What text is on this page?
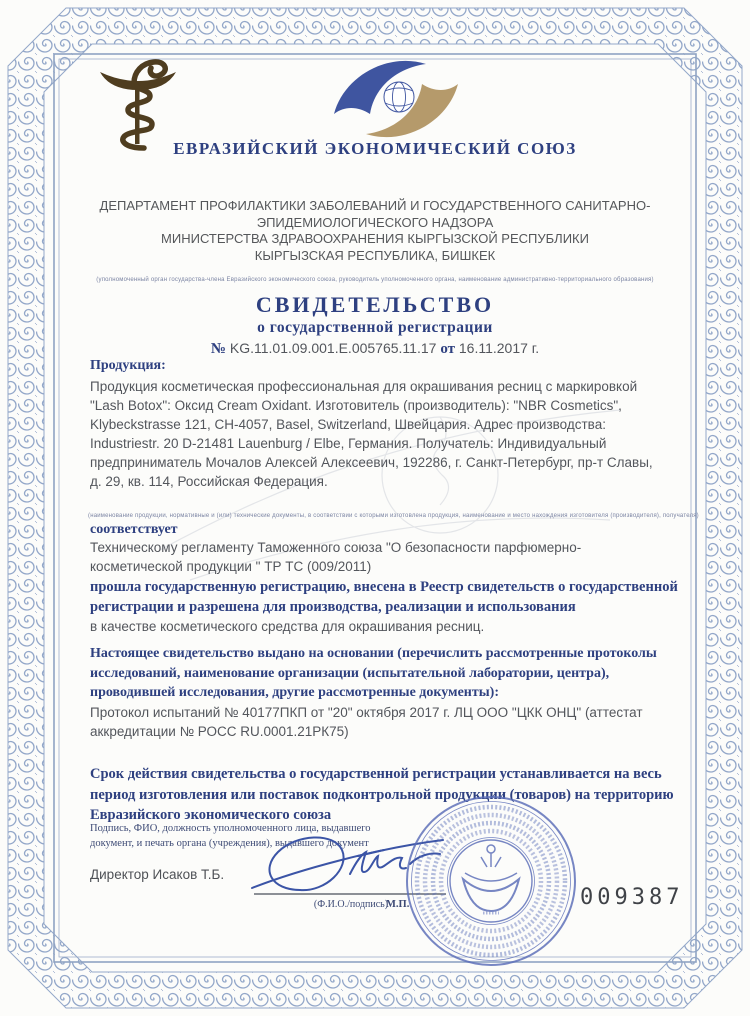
ЕВРАЗИЙСКИЙ ЭКОНОМИЧЕСКИЙ СОЮЗ
ДЕПАРТАМЕНТ ПРОФИЛАКТИКИ ЗАБОЛЕВАНИЙ И ГОСУДАРСТВЕННОГО САНИТАРНО-
ЭПИДЕМИОЛОГИЧЕСКОГО НАДЗОРА
МИНИСТЕРСТВА ЗДРАВООХРАНЕНИЯ КЫРГЫЗСКОЙ РЕСПУБЛИКИ
КЫРГЫЗСКАЯ РЕСПУБЛИКА, БИШКЕК
(уполномоченный орган государства-члена Евразийского экономического союза, руководитель уполномоченного органа, наименование административно-территориального образования)
СВИДЕТЕЛЬСТВО
о государственной регистрации
№ KG.11.01.09.001.E.005765.11.17 от 16.11.2017 г.
Продукция:
Продукция косметическая профессиональная для окрашивания ресниц с маркировкой "Lash Botox": Оксид Cream Oxidant. Изготовитель (производитель): "NBR Cosmetics", Klybeckstrasse 121, CH-4057, Basel, Switzerland, Швейцария. Адрес производства: Industriestr. 20 D-21481 Lauenburg / Elbe, Германия. Получатель: Индивидуальный предприниматель Мочалов Алексей Алексеевич, 192286, г. Санкт-Петербург, пр-т Славы, д. 29, кв. 114, Российская Федерация.
(наименование продукции, нормативные и (или) технические документы, в соответствии с которыми изготовлена продукция, наименование и место нахождения изготовителя (производителя), получателя)
соответствует
Техническому регламенту Таможенного союза "О безопасности парфюмерно-косметической продукции " ТР ТС (009/2011)
прошла государственную регистрацию, внесена в Реестр свидетельств о государственной регистрации и разрешена для производства, реализации и использования
в качестве косметического средства для окрашивания ресниц.
Настоящее свидетельство выдано на основании (перечислить рассмотренные протоколы исследований, наименование организации (испытательной лаборатории, центра), проводившей исследования, другие рассмотренные документы):
Протокол испытаний № 40177ПКП от "20" октября 2017 г. ЛЦ ООО "ЦКК ОНЦ" (аттестат аккредитации № РОСС RU.0001.21РК75)
Срок действия свидетельства о государственной регистрации устанавливается на весь период изготовления или поставок подконтрольной продукции (товаров) на территорию Евразийского экономического союза
Подпись, ФИО, должность уполномоченного лица, выдавшего документ, и печать органа (учреждения), выдавшего документ
Директор Исаков Т.Б.
(Ф.И.О./подпись)
М.П.	009387
